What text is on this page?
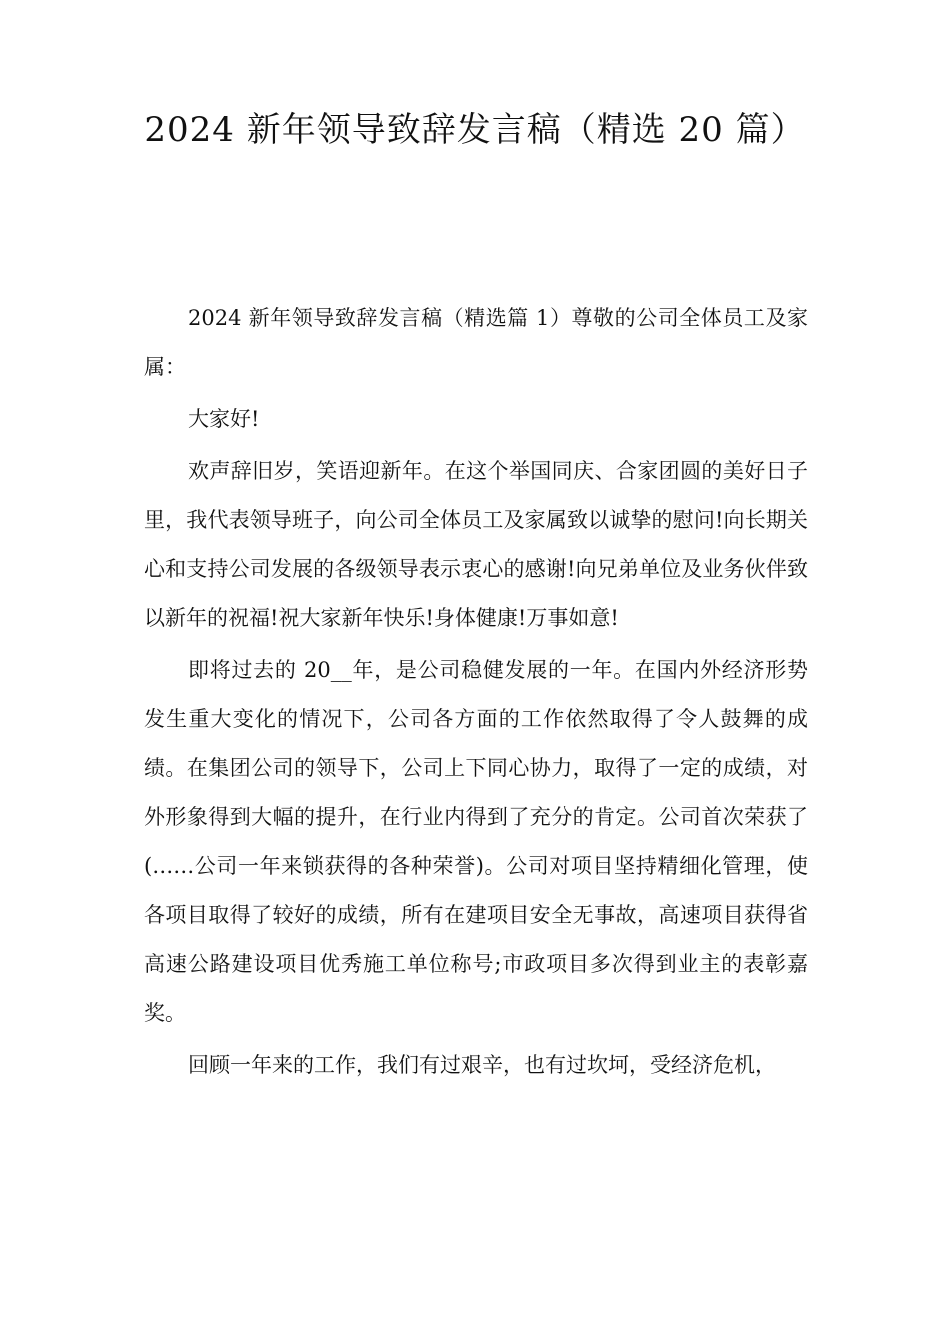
2024 新年领导致辞发言稿（精选 20 篇）

2024 新年领导致辞发言稿（精选篇 1）尊敬的公司全体员工及家属：

大家好!

欢声辞旧岁，笑语迎新年。在这个举国同庆、合家团圆的美好日子里，我代表领导班子，向公司全体员工及家属致以诚挚的慰问!向长期关心和支持公司发展的各级领导表示衷心的感谢!向兄弟单位及业务伙伴致以新年的祝福!祝大家新年快乐!身体健康!万事如意!

即将过去的 20__年，是公司稳健发展的一年。在国内外经济形势发生重大变化的情况下，公司各方面的工作依然取得了令人鼓舞的成绩。在集团公司的领导下，公司上下同心协力，取得了一定的成绩，对外形象得到大幅的提升，在行业内得到了充分的肯定。公司首次荣获了(……公司一年来锁获得的各种荣誉)。公司对项目坚持精细化管理，使各项目取得了较好的成绩，所有在建项目安全无事故，高速项目获得省高速公路建设项目优秀施工单位称号;市政项目多次得到业主的表彰嘉奖。

回顾一年来的工作，我们有过艰辛，也有过坎坷，受经济危机，
